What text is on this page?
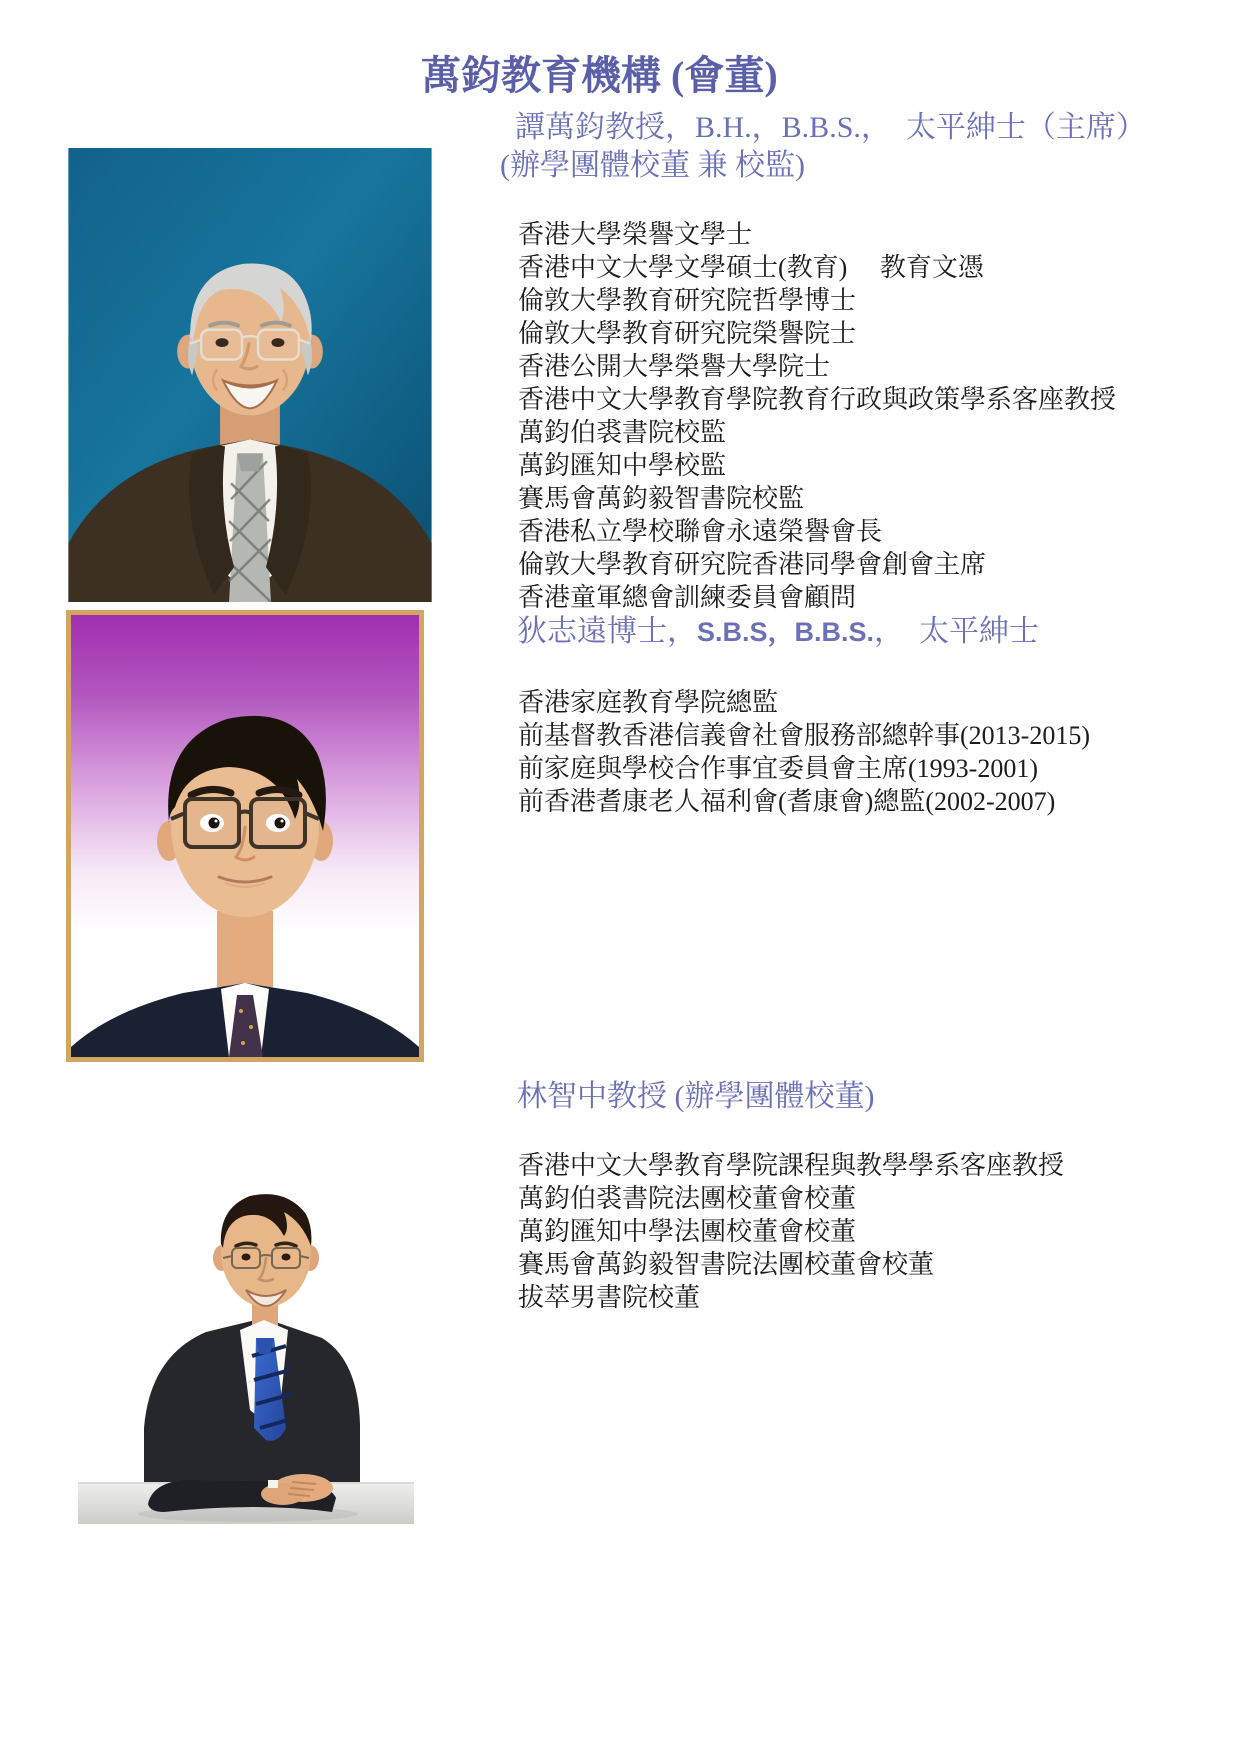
萬鈞教育機構 (會董)
譚萬鈞教授，B.H.，B.B.S.，　太平紳士（主席）
(辦學團體校董 兼 校監)
香港大學榮譽文學士
香港中文大學文學碩士(教育)　 教育文憑
倫敦大學教育研究院哲學博士
倫敦大學教育研究院榮譽院士
香港公開大學榮譽大學院士
香港中文大學教育學院教育行政與政策學系客座教授
萬鈞伯裘書院校監
萬鈞匯知中學校監
賽馬會萬鈞毅智書院校監
香港私立學校聯會永遠榮譽會長
倫敦大學教育研究院香港同學會創會主席
香港童軍總會訓練委員會顧問
狄志遠博士，S.B.S，B.B.S.，　太平紳士
香港家庭教育學院總監
前基督教香港信義會社會服務部總幹事(2013-2015)
前家庭與學校合作事宜委員會主席(1993-2001)
前香港耆康老人福利會(耆康會)總監(2002-2007)
林智中教授 (辦學團體校董)
香港中文大學教育學院課程與教學學系客座教授
萬鈞伯裘書院法團校董會校董
萬鈞匯知中學法團校董會校董
賽馬會萬鈞毅智書院法團校董會校董
拔萃男書院校董
